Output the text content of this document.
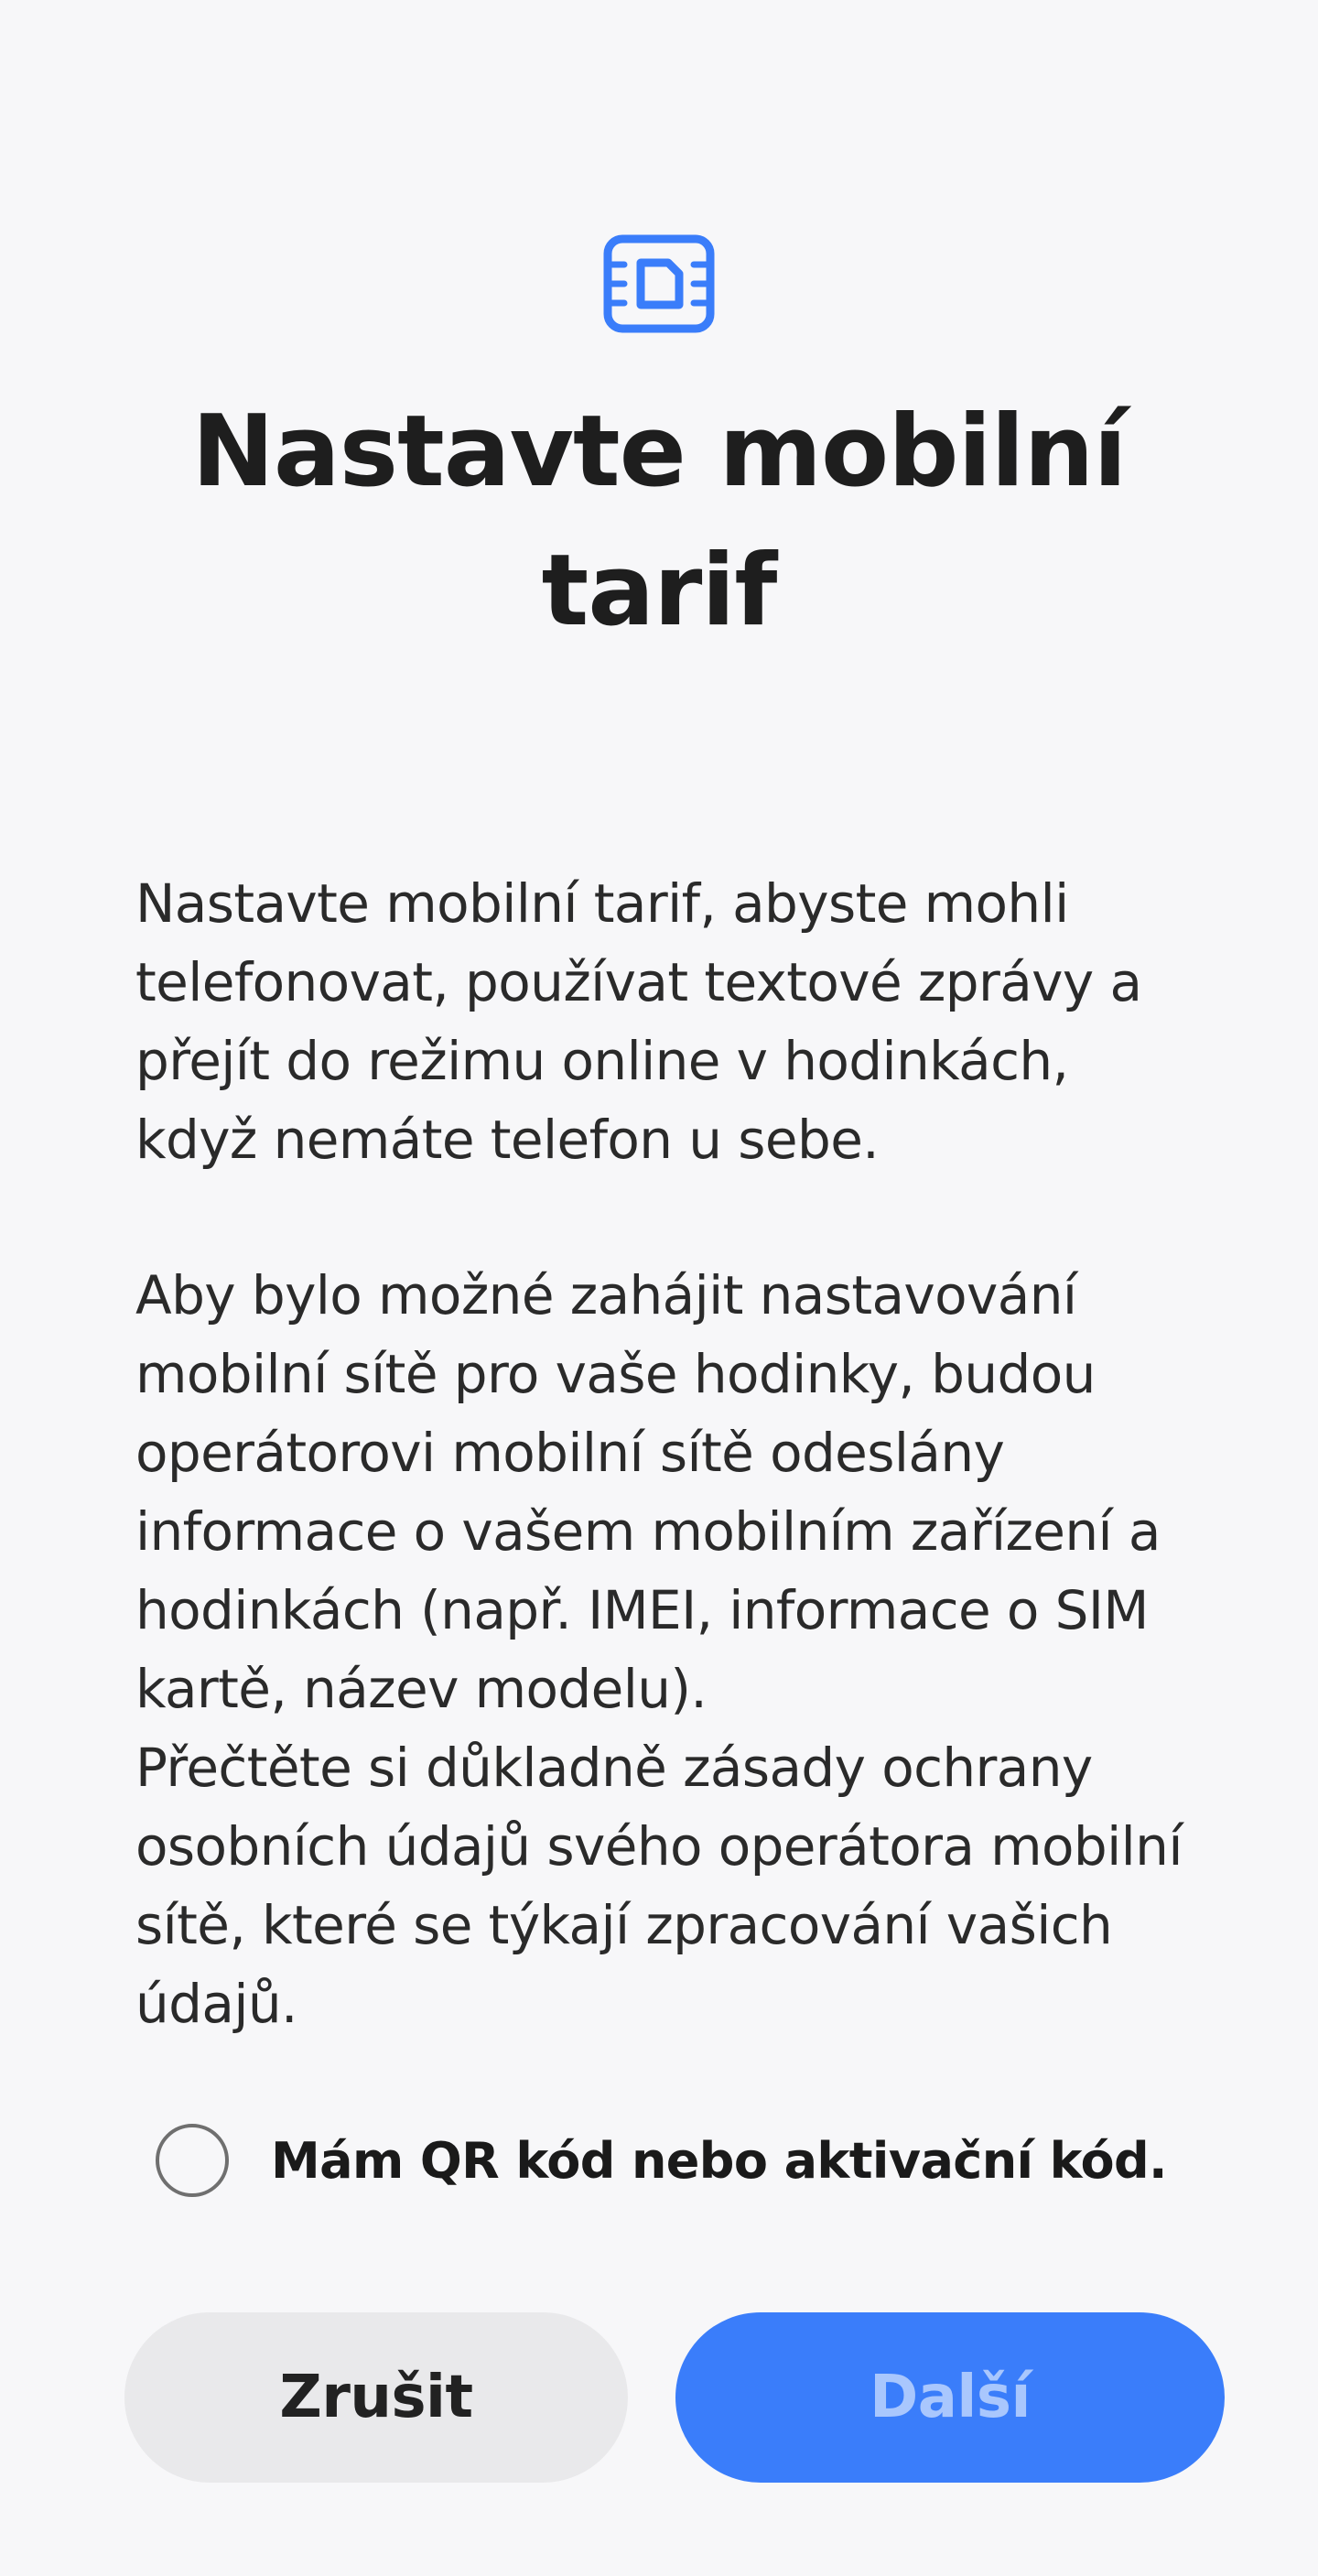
Nastavte mobilní tarif

Nastavte mobilní tarif, abyste mohli telefonovat, používat textové zprávy a přejít do režimu online v hodinkách, když nemáte telefon u sebe.

Aby bylo možné zahájit nastavování mobilní sítě pro vaše hodinky, budou operátorovi mobilní sítě odeslány informace o vašem mobilním zařízení a hodinkách (např. IMEI, informace o SIM kartě, název modelu).

Přečtěte si důkladně zásady ochrany osobních údajů svého operátora mobilní sítě, které se týkají zpracování vašich údajů.

Mám QR kód nebo aktivační kód.
Zrušit	Další
